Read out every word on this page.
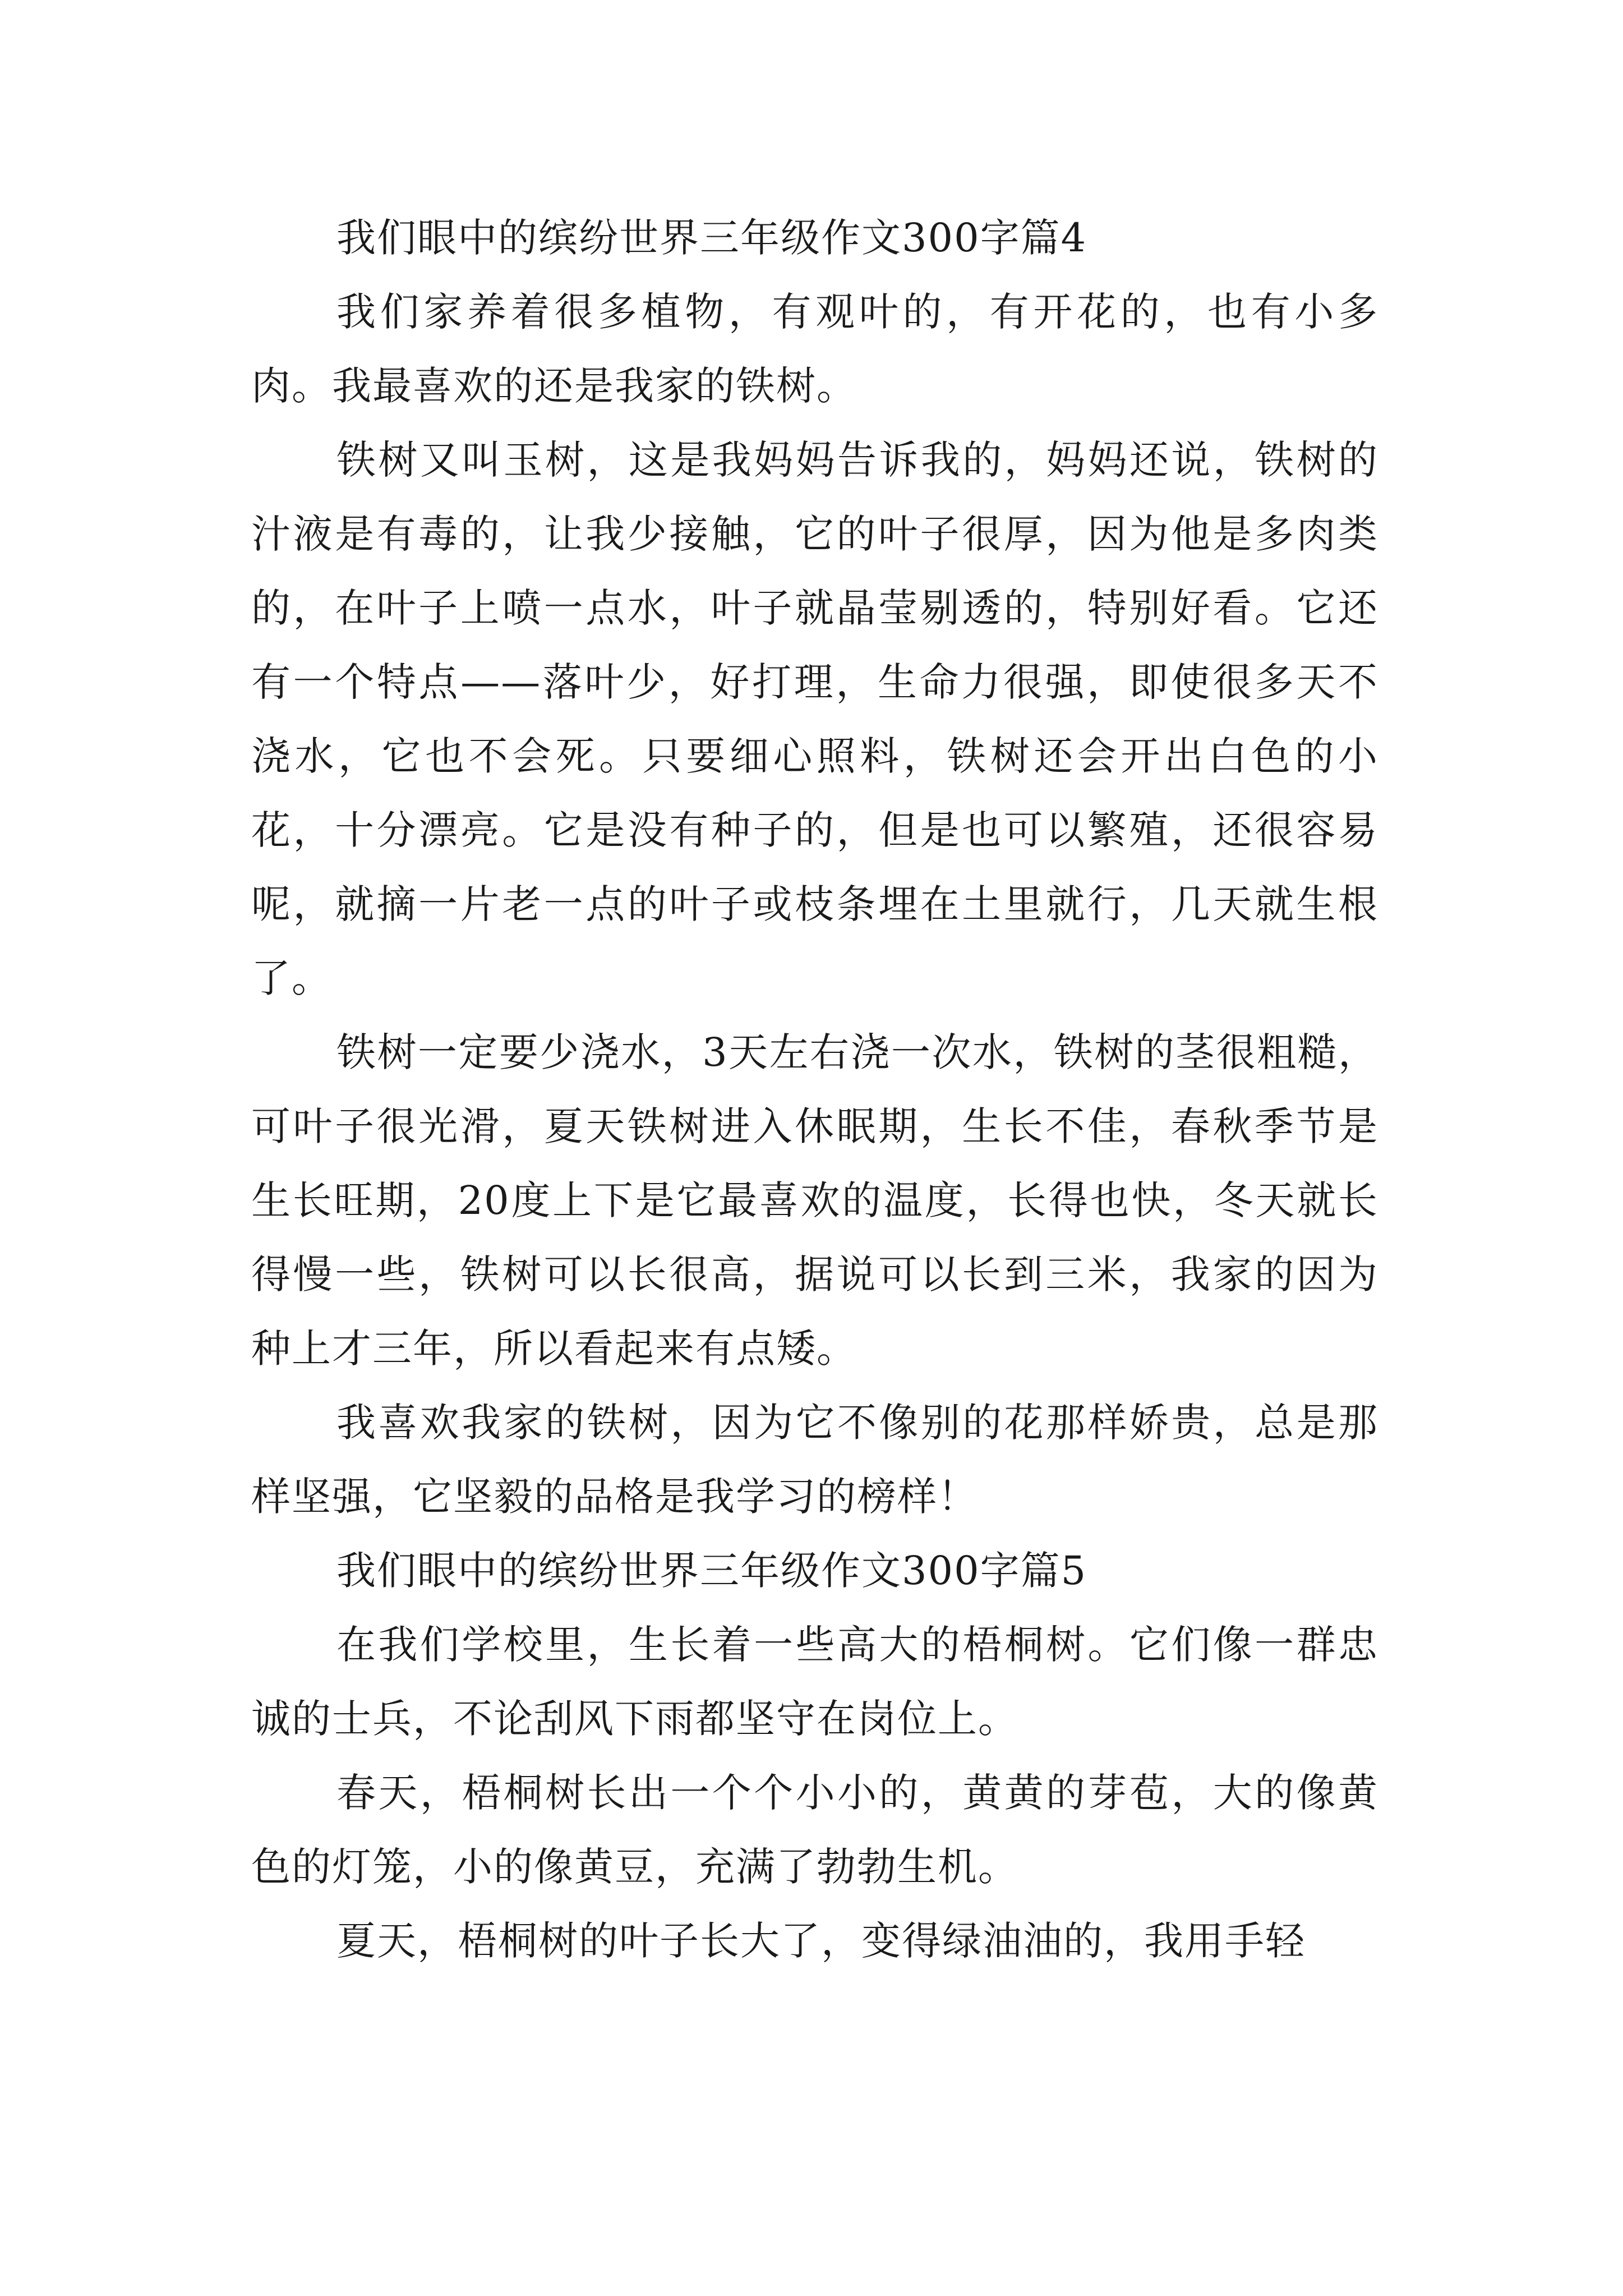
我们眼中的缤纷世界三年级作文300字篇4

我们家养着很多植物，有观叶的，有开花的，也有小多肉。我最喜欢的还是我家的铁树。

铁树又叫玉树，这是我妈妈告诉我的，妈妈还说，铁树的汁液是有毒的，让我少接触，它的叶子很厚，因为他是多肉类的，在叶子上喷一点水，叶子就晶莹剔透的，特别好看。它还有一个特点——落叶少，好打理，生命力很强，即使很多天不浇水，它也不会死。只要细心照料，铁树还会开出白色的小花，十分漂亮。它是没有种子的，但是也可以繁殖，还很容易呢，就摘一片老一点的叶子或枝条埋在土里就行，几天就生根了。

铁树一定要少浇水，3天左右浇一次水，铁树的茎很粗糙，可叶子很光滑，夏天铁树进入休眠期，生长不佳，春秋季节是生长旺期，20度上下是它最喜欢的温度，长得也快，冬天就长得慢一些，铁树可以长很高，据说可以长到三米，我家的因为种上才三年，所以看起来有点矮。

我喜欢我家的铁树，因为它不像别的花那样娇贵，总是那样坚强，它坚毅的品格是我学习的榜样！

我们眼中的缤纷世界三年级作文300字篇5

在我们学校里，生长着一些高大的梧桐树。它们像一群忠诚的士兵，不论刮风下雨都坚守在岗位上。

春天，梧桐树长出一个个小小的，黄黄的芽苞，大的像黄色的灯笼，小的像黄豆，充满了勃勃生机。

夏天，梧桐树的叶子长大了，变得绿油油的，我用手轻
